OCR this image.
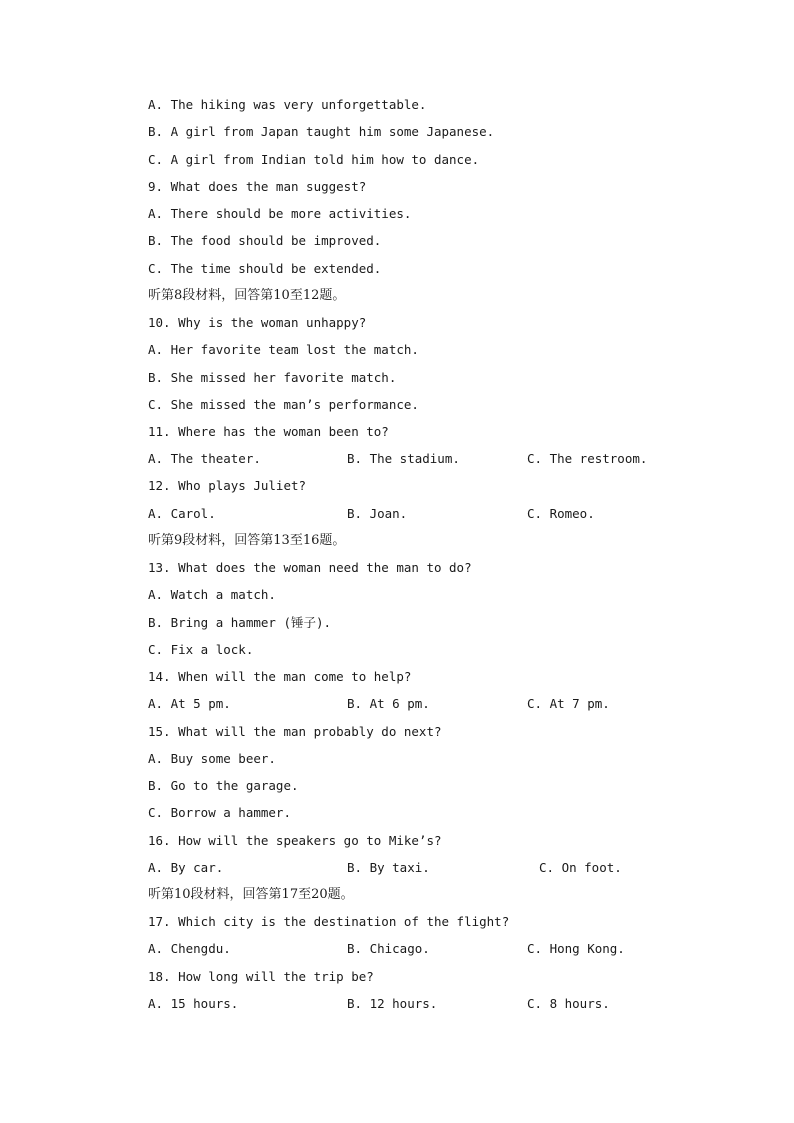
A. The hiking was very unforgettable.
B. A girl from Japan taught him some Japanese.
C. A girl from Indian told him how to dance.
9. What does the man suggest?
A. There should be more activities.
B. The food should be improved.
C. The time should be extended.
听第8段材料，回答第10至12题。
10. Why is the woman unhappy?
A. Her favorite team lost the match.
B. She missed her favorite match.
C. She missed the man’s performance.
11. Where has the woman been to?
A. The theater.	B. The stadium.	C. The restroom.
12. Who plays Juliet?
A. Carol.	B. Joan.	C. Romeo.
听第9段材料，回答第13至16题。
13. What does the woman need the man to do?
A. Watch a match.
B. Bring a hammer (锤子).
C. Fix a lock.
14. When will the man come to help?
A. At 5 pm.	B. At 6 pm.	C. At 7 pm.
15. What will the man probably do next?
A. Buy some beer.
B. Go to the garage.
C. Borrow a hammer.
16. How will the speakers go to Mike’s?
A. By car.	B. By taxi.	C. On foot.
听第10段材料，回答第17至20题。
17. Which city is the destination of the flight?
A. Chengdu.	B. Chicago.	C. Hong Kong.
18. How long will the trip be?
A. 15 hours.	B. 12 hours.	C. 8 hours.
